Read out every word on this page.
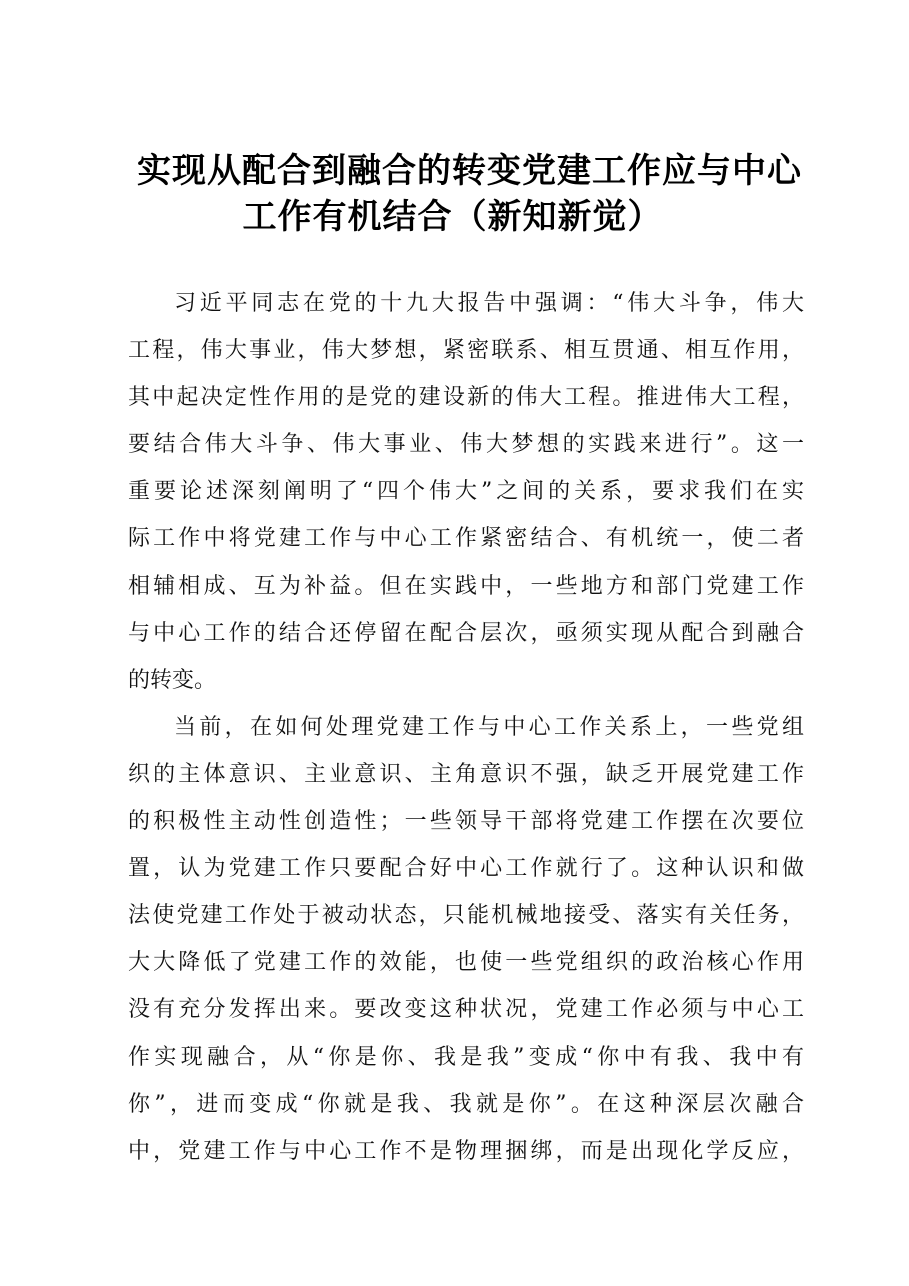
实现从配合到融合的转变党建工作应与中心
工作有机结合（新知新觉）
习近平同志在党的十九大报告中强调：“伟大斗争，伟大
工程，伟大事业，伟大梦想，紧密联系、相互贯通、相互作用，
其中起决定性作用的是党的建设新的伟大工程。推进伟大工程，
要结合伟大斗争、伟大事业、伟大梦想的实践来进行”。这一
重要论述深刻阐明了“四个伟大”之间的关系，要求我们在实
际工作中将党建工作与中心工作紧密结合、有机统一，使二者
相辅相成、互为补益。但在实践中，一些地方和部门党建工作
与中心工作的结合还停留在配合层次，亟须实现从配合到融合
的转变。
当前，在如何处理党建工作与中心工作关系上，一些党组
织的主体意识、主业意识、主角意识不强，缺乏开展党建工作
的积极性主动性创造性；一些领导干部将党建工作摆在次要位
置，认为党建工作只要配合好中心工作就行了。这种认识和做
法使党建工作处于被动状态，只能机械地接受、落实有关任务，
大大降低了党建工作的效能，也使一些党组织的政治核心作用
没有充分发挥出来。要改变这种状况，党建工作必须与中心工
作实现融合，从“你是你、我是我”变成“你中有我、我中有
你”，进而变成“你就是我、我就是你”。在这种深层次融合
中，党建工作与中心工作不是物理捆绑，而是出现化学反应，
